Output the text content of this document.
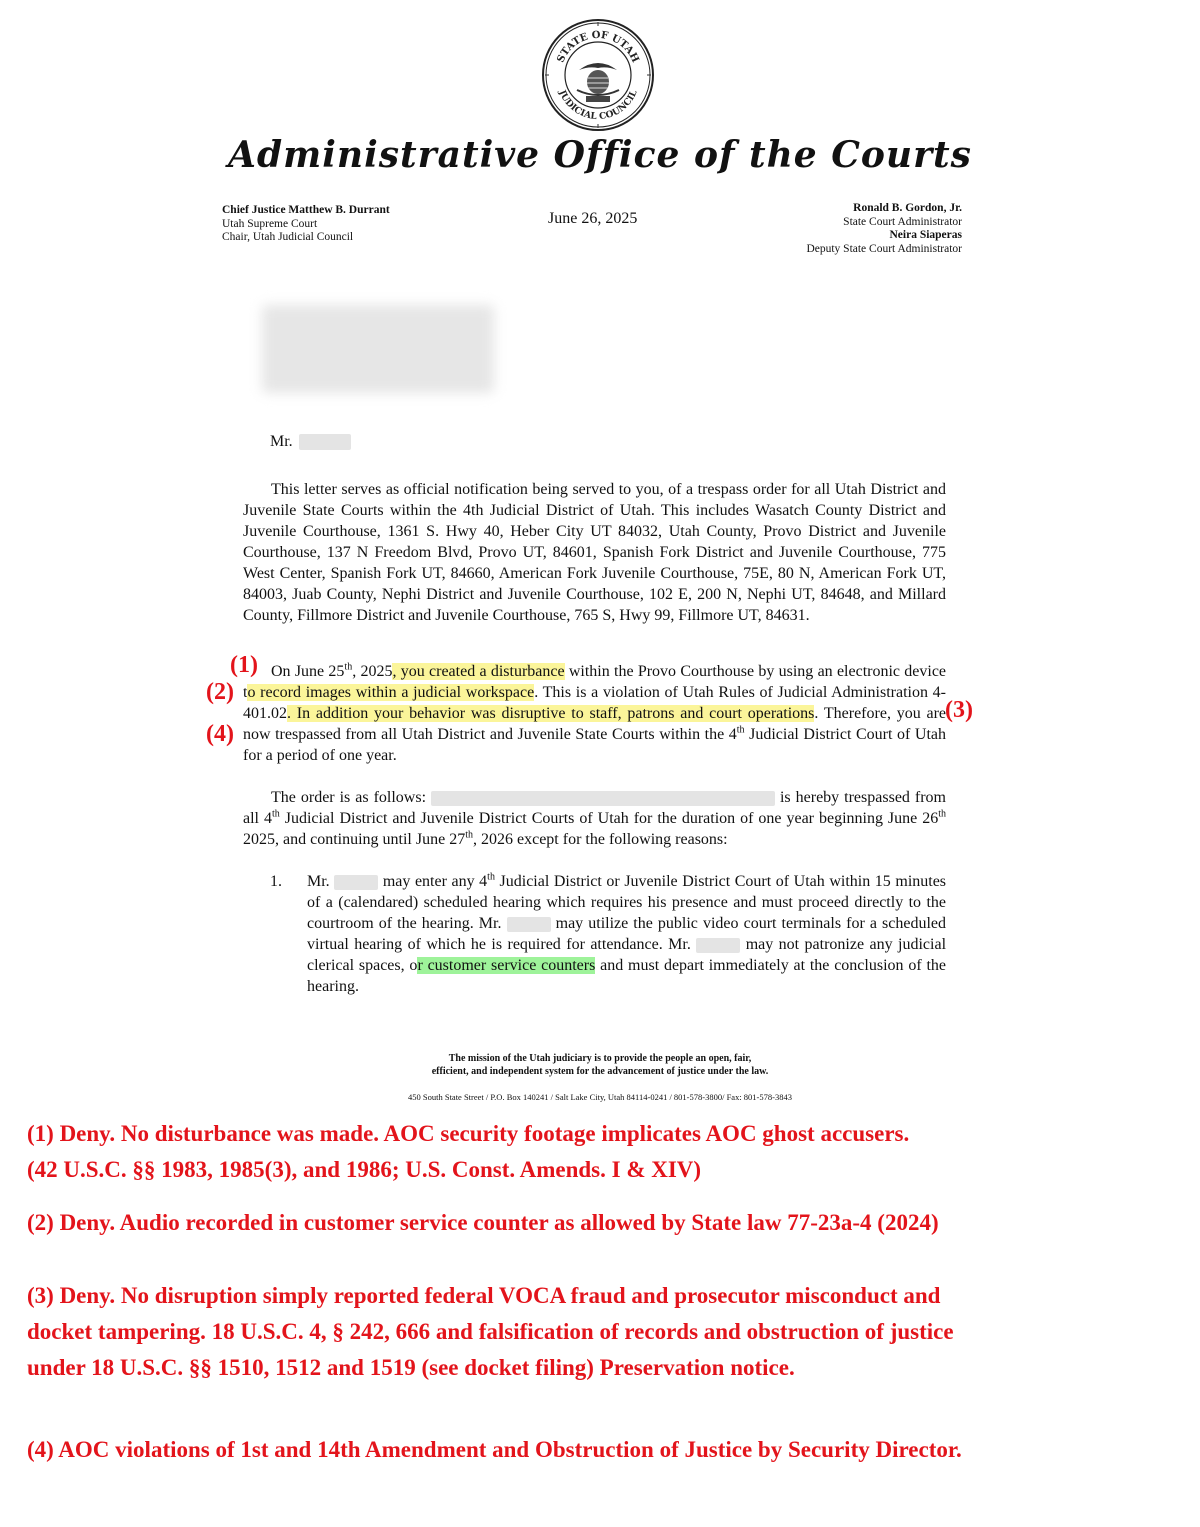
STATE OF UTAH
JUDICIAL COUNCIL
Administrative Office of the Courts
Chief Justice Matthew B. Durrant
Utah Supreme Court
Chair, Utah Judicial Council
June 26, 2025
Ronald B. Gordon, Jr.
State Court Administrator
Neira Siaperas
Deputy State Court Administrator
Mr.
This letter serves as official notification being served to you, of a trespass order for all Utah District and Juvenile State Courts within the 4th Judicial District of Utah. This includes Wasatch County District and Juvenile Courthouse, 1361 S. Hwy 40, Heber City UT 84032, Utah County, Provo District and Juvenile Courthouse, 137 N Freedom Blvd, Provo UT, 84601, Spanish Fork District and Juvenile Courthouse, 775 West Center, Spanish Fork UT, 84660, American Fork Juvenile Courthouse, 75E, 80 N, American Fork UT, 84003, Juab County, Nephi District and Juvenile Courthouse, 102 E, 200 N, Nephi UT, 84648, and Millard County, Fillmore District and Juvenile Courthouse, 765 S, Hwy 99, Fillmore UT, 84631.
On June 25th, 2025, you created a disturbance within the Provo Courthouse by using an electronic device to record images within a judicial workspace. This is a violation of Utah Rules of Judicial Administration 4-401.02. In addition your behavior was disruptive to staff, patrons and court operations. Therefore, you are now trespassed from all Utah District and Juvenile State Courts within the 4th Judicial District Court of Utah for a period of one year.
(1)
(2)
(3)
(4)
The order is as follows:	is hereby trespassed from all 4th Judicial District and Juvenile District Courts of Utah for the duration of one year beginning June 26th 2025, and continuing until June 27th, 2026 except for the following reasons:
1. Mr.	may enter any 4th Judicial District or Juvenile District Court of Utah within 15 minutes of a (calendared) scheduled hearing which requires his presence and must proceed directly to the courtroom of the hearing. Mr.	may utilize the public video court terminals for a scheduled virtual hearing of which he is required for attendance. Mr.	may not patronize any judicial clerical spaces, or customer service counters and must depart immediately at the conclusion of the hearing.
The mission of the Utah judiciary is to provide the people an open, fair,
efficient, and independent system for the advancement of justice under the law.
450 South State Street / P.O. Box 140241 / Salt Lake City, Utah 84114-0241 / 801-578-3800/ Fax: 801-578-3843
(1) Deny. No disturbance was made. AOC security footage implicates AOC ghost accusers.
(42 U.S.C. §§ 1983, 1985(3), and 1986; U.S. Const. Amends. I & XIV)
(2) Deny. Audio recorded in customer service counter as allowed by State law 77-23a-4 (2024)
(3) Deny. No disruption simply reported federal VOCA fraud and prosecutor misconduct and
docket tampering. 18 U.S.C. 4, § 242, 666 and falsification of records and obstruction of justice
under 18 U.S.C. §§ 1510, 1512 and 1519 (see docket filing) Preservation notice.
(4) AOC violations of 1st and 14th Amendment and Obstruction of Justice by Security Director.
